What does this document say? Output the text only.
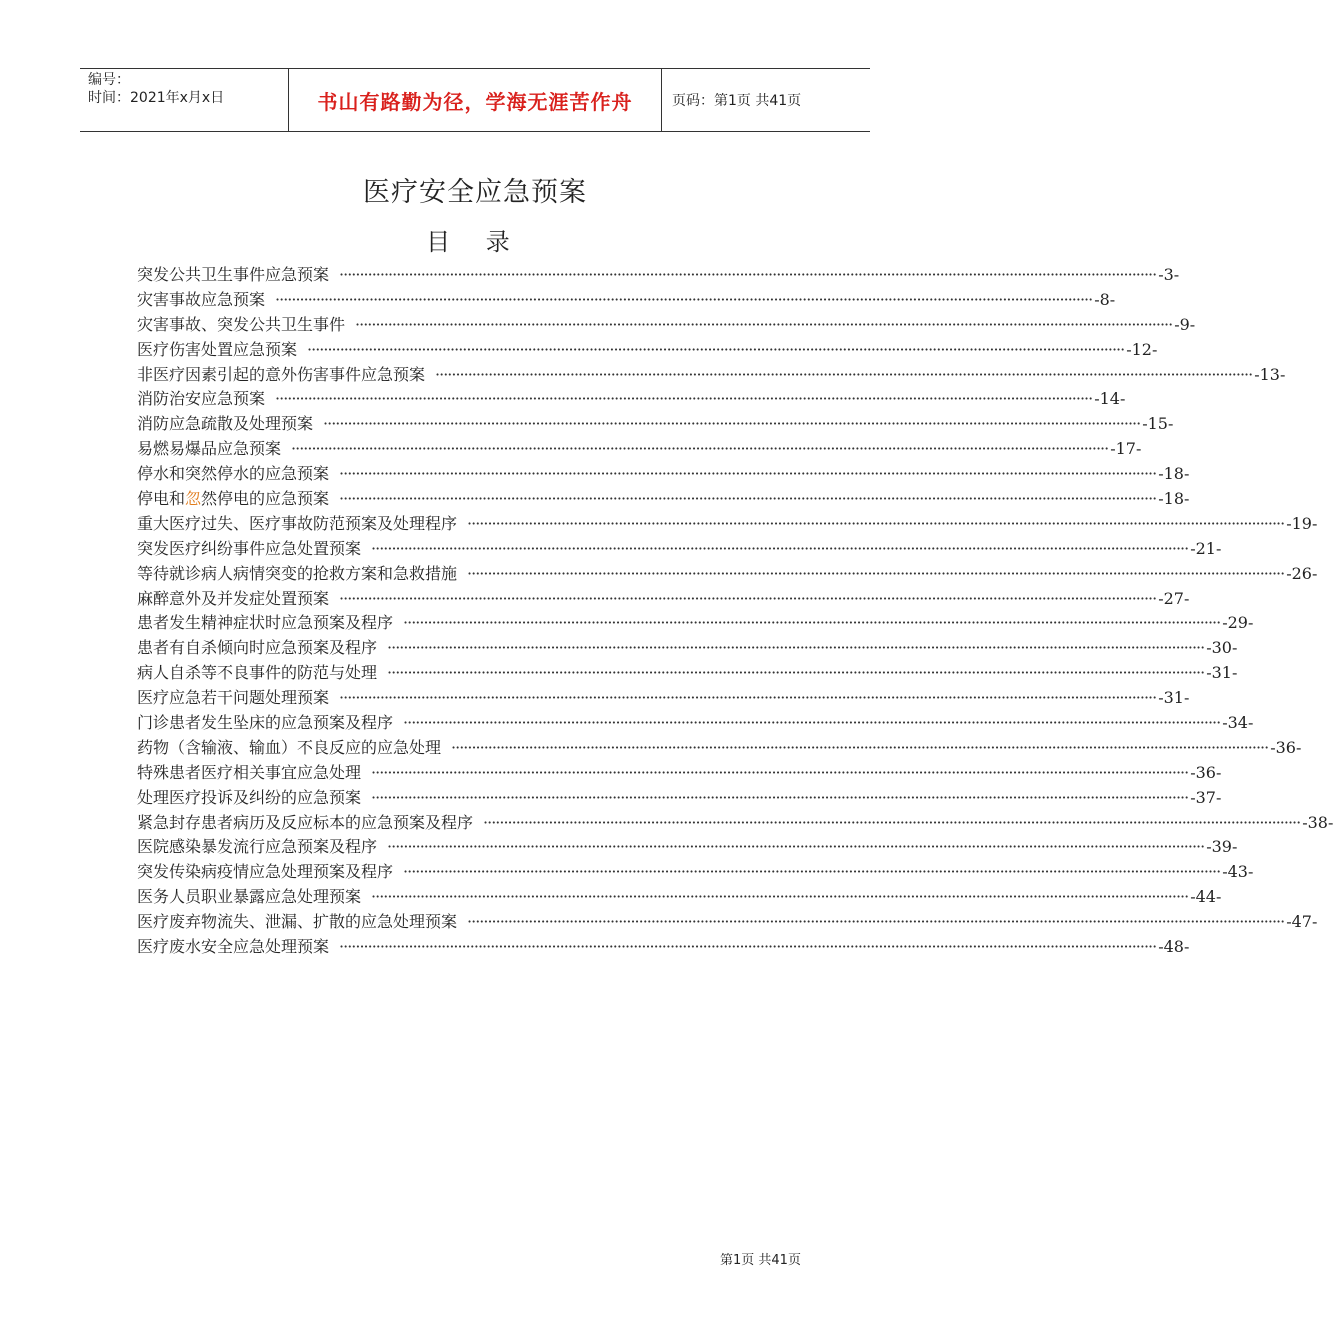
编号：
时间：2021年x月x日	书山有路勤为径，学海无涯苦作舟	页码：第1页 共41页
医疗安全应急预案
目 录
突发公共卫生事件应急预案 ········································································································································································································ -3-
灾害事故应急预案 ········································································································································································································ -8-
灾害事故、突发公共卫生事件 ········································································································································································································ -9-
医疗伤害处置应急预案 ········································································································································································································ -12-
非医疗因素引起的意外伤害事件应急预案 ········································································································································································································ -13-
消防治安应急预案 ········································································································································································································ -14-
消防应急疏散及处理预案 ········································································································································································································ -15-
易燃易爆品应急预案 ········································································································································································································ -17-
停水和突然停水的应急预案 ········································································································································································································ -18-
停电和忽然停电的应急预案 ········································································································································································································ -18-
重大医疗过失、医疗事故防范预案及处理程序 ········································································································································································································ -19-
突发医疗纠纷事件应急处置预案 ········································································································································································································ -21-
等待就诊病人病情突变的抢救方案和急救措施 ········································································································································································································ -26-
麻醉意外及并发症处置预案 ········································································································································································································ -27-
患者发生精神症状时应急预案及程序 ········································································································································································································ -29-
患者有自杀倾向时应急预案及程序 ········································································································································································································ -30-
病人自杀等不良事件的防范与处理 ········································································································································································································ -31-
医疗应急若干问题处理预案 ········································································································································································································ -31-
门诊患者发生坠床的应急预案及程序 ········································································································································································································ -34-
药物（含输液、输血）不良反应的应急处理 ········································································································································································································ -36-
特殊患者医疗相关事宜应急处理 ········································································································································································································ -36-
处理医疗投诉及纠纷的应急预案 ········································································································································································································ -37-
紧急封存患者病历及反应标本的应急预案及程序 ········································································································································································································ -38-
医院感染暴发流行应急预案及程序 ········································································································································································································ -39-
突发传染病疫情应急处理预案及程序 ········································································································································································································ -43-
医务人员职业暴露应急处理预案 ········································································································································································································ -44-
医疗废弃物流失、泄漏、扩散的应急处理预案 ········································································································································································································ -47-
医疗废水安全应急处理预案 ········································································································································································································ -48-
第1页 共41页
